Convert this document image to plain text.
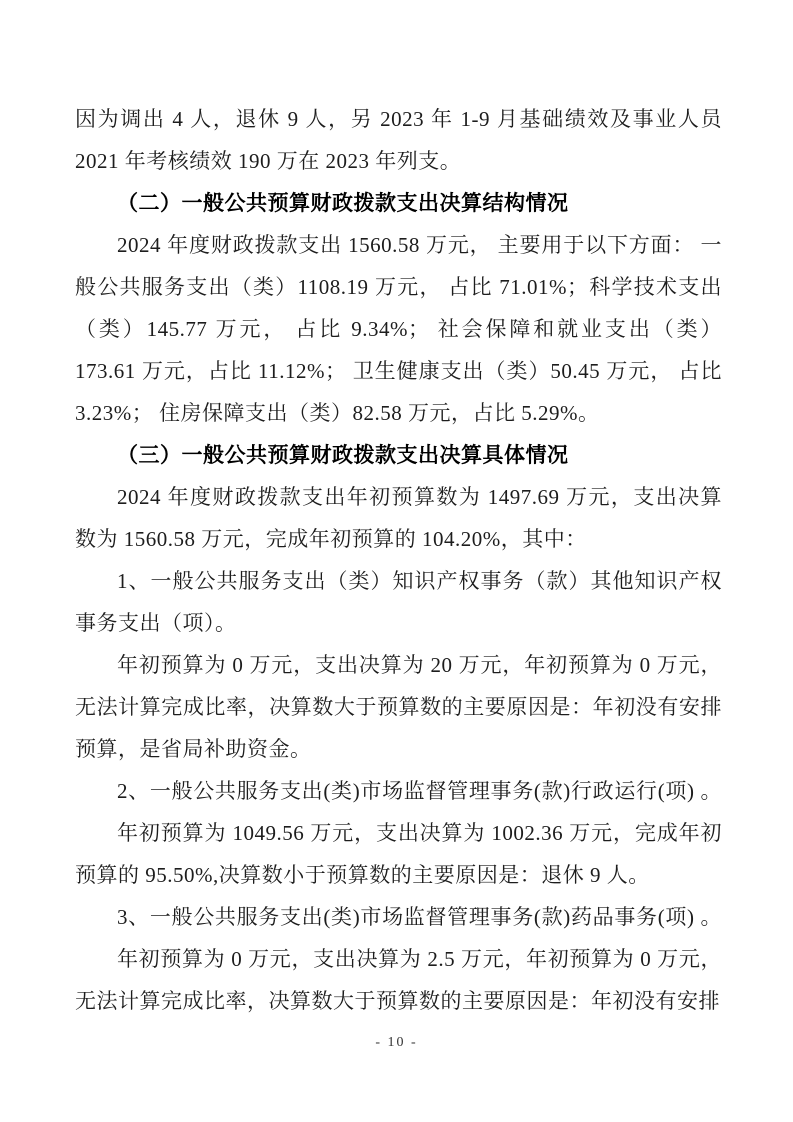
因为调出 4 人，退休 9 人，另 2023 年 1-9 月基础绩效及事业人员 2021 年考核绩效 190 万在 2023 年列支。

（二）一般公共预算财政拨款支出决算结构情况

2024 年度财政拨款支出 1560.58 万元， 主要用于以下方面： 一般公共服务支出（类）1108.19 万元， 占比 71.01%；科学技术支出（类）145.77 万元， 占比 9.34%； 社会保障和就业支出（类）173.61 万元，占比 11.12%； 卫生健康支出（类）50.45 万元， 占比 3.23%； 住房保障支出（类）82.58 万元，占比 5.29%。

（三）一般公共预算财政拨款支出决算具体情况

2024 年度财政拨款支出年初预算数为 1497.69 万元，支出决算数为 1560.58 万元，完成年初预算的 104.20%，其中：

1、一般公共服务支出（类）知识产权事务（款）其他知识产权事务支出（项）。

年初预算为 0 万元，支出决算为 20 万元，年初预算为 0 万元，无法计算完成比率，决算数大于预算数的主要原因是：年初没有安排预算，是省局补助资金。

2、一般公共服务支出(类)市场监督管理事务(款)行政运行(项) 。

年初预算为 1049.56 万元，支出决算为 1002.36 万元，完成年初预算的 95.50%,决算数小于预算数的主要原因是：退休 9 人。

3、一般公共服务支出(类)市场监督管理事务(款)药品事务(项) 。

年初预算为 0 万元，支出决算为 2.5 万元，年初预算为 0 万元，无法计算完成比率，决算数大于预算数的主要原因是：年初没有安排

- 10 -
